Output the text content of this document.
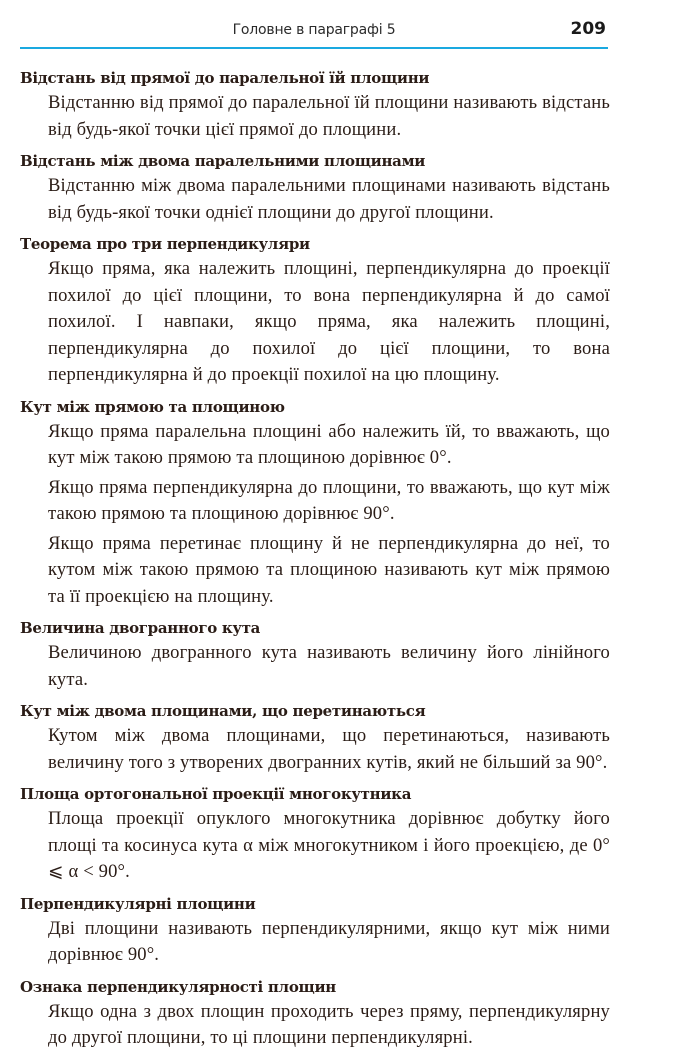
Головне в параграфі 5	209

Відстань від прямої до паралельної їй площини

Відстанню від прямої до паралельної їй площини називають відстань від будь-якої точки цієї прямої до площини.

Відстань між двома паралельними площинами

Відстанню між двома паралельними площинами називають відстань від будь-якої точки однієї площини до другої площини.

Теорема про три перпендикуляри

Якщо пряма, яка належить площині, перпендикулярна до проекції похилої до цієї площини, то вона перпендикулярна й до самої похилої. І навпаки, якщо пряма, яка належить площині, перпендикулярна до похилої до цієї площини, то вона перпендикулярна й до проекції похилої на цю площину.

Кут між прямою та площиною

Якщо пряма паралельна площині або належить їй, то вважають, що кут між такою прямою та площиною дорівнює 0°.

Якщо пряма перпендикулярна до площини, то вважають, що кут між такою прямою та площиною дорівнює 90°.

Якщо пряма перетинає площину й не перпендикулярна до неї, то кутом між такою прямою та площиною називають кут між прямою та її проекцією на площину.

Величина двогранного кута

Величиною двогранного кута називають величину його лінійного кута.

Кут між двома площинами, що перетинаються

Кутом між двома площинами, що перетинаються, називають величину того з утворених двогранних кутів, який не більший за 90°.

Площа ортогональної проекції многокутника

Площа проекції опуклого многокутника дорівнює добутку його площі та косинуса кута α між многокутником і його проекцією, де 0° ⩽ α < 90°.

Перпендикулярні площини

Дві площини називають перпендикулярними, якщо кут між ними дорівнює 90°.

Ознака перпендикулярності площин

Якщо одна з двох площин проходить через пряму, перпендикулярну до другої площини, то ці площини перпендикулярні.
